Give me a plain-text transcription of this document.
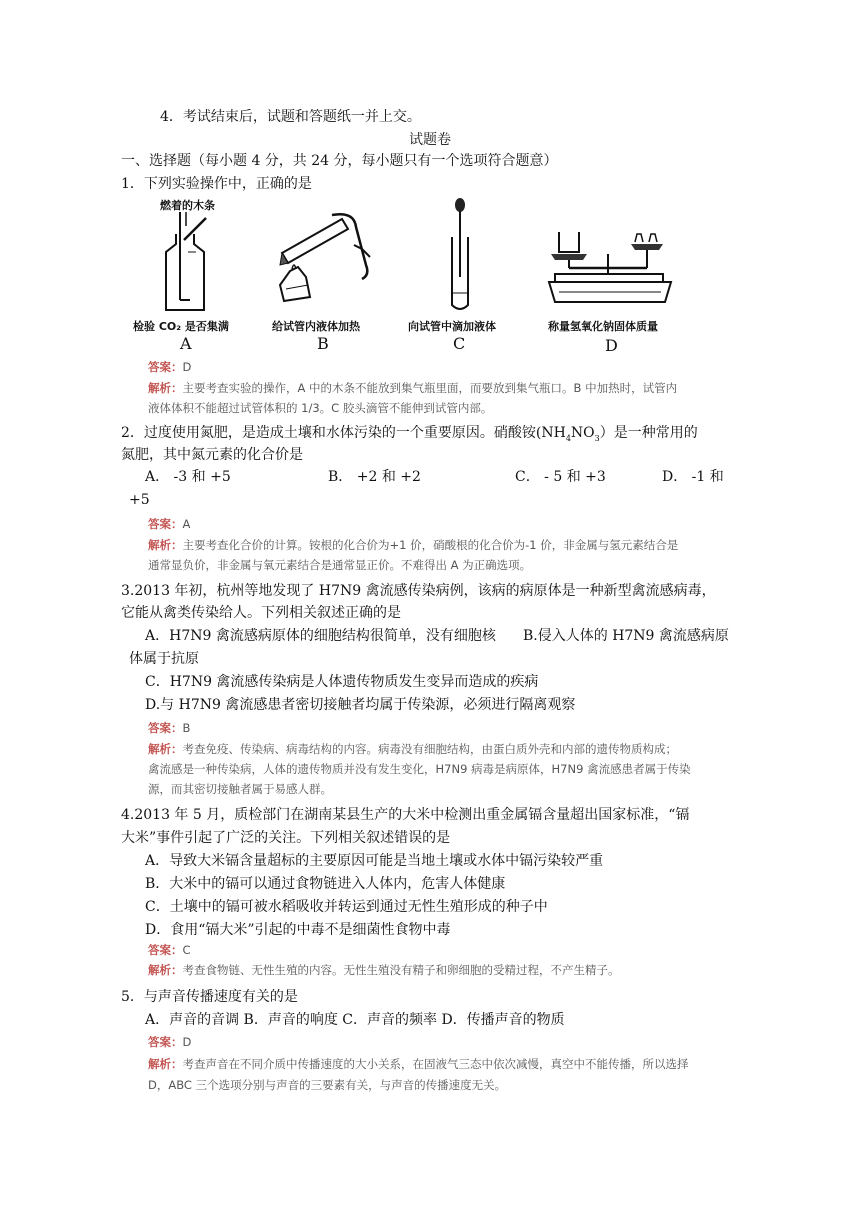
4．考试结束后，试题和答题纸一并上交。
试题卷
一、选择题（每小题 4 分，共 24 分，每小题只有一个选项符合题意）
1．下列实验操作中，正确的是
燃着的木条
检验 CO₂ 是否集满
A
给试管内液体加热
B
向试管中滴加液体
C
称量氢氧化钠固体质量
D
答案：D
解析：主要考查实验的操作，A 中的木条不能放到集气瓶里面，而要放到集气瓶口。B 中加热时，试管内
液体体积不能超过试管体积的 1/3。C 胶头滴管不能伸到试管内部。
2．过度使用氮肥，是造成土壤和水体污染的一个重要原因。硝酸铵$(NH_4NO_3)$是一种常用的
氮肥，其中氮元素的化合价是
A． -3 和 +5	B． +2 和 +2	C． - 5 和 +3	D． -1 和
+5
答案：A
解析：主要考查化合价的计算。铵根的化合价为+1 价，硝酸根的化合价为-1 价，非金属与氢元素结合是
通常显负价，非金属与氧元素结合是通常显正价。不难得出 A 为正确选项。
3.2013 年初，杭州等地发现了 H7N9 禽流感传染病例，该病的病原体是一种新型禽流感病毒，
它能从禽类传染给人。下列相关叙述正确的是
A．H7N9 禽流感病原体的细胞结构很简单，没有细胞核 B.侵入人体的 H7N9 禽流感病原
体属于抗原
C．H7N9 禽流感传染病是人体遗传物质发生变异而造成的疾病
D.与 H7N9 禽流感患者密切接触者均属于传染源，必须进行隔离观察
答案：B
解析：考查免疫、传染病、病毒结构的内容。病毒没有细胞结构，由蛋白质外壳和内部的遗传物质构成；
禽流感是一种传染病，人体的遗传物质并没有发生变化，H7N9 病毒是病原体，H7N9 禽流感患者属于传染
源，而其密切接触者属于易感人群。
4.2013 年 5 月，质检部门在湖南某县生产的大米中检测出重金属镉含量超出国家标准，“镉
大米”事件引起了广泛的关注。下列相关叙述错误的是
A．导致大米镉含量超标的主要原因可能是当地土壤或水体中镉污染较严重
B．大米中的镉可以通过食物链进入人体内，危害人体健康
C．土壤中的镉可被水稻吸收并转运到通过无性生殖形成的种子中
D．食用“镉大米”引起的中毒不是细菌性食物中毒
答案：C
解析：考查食物链、无性生殖的内容。无性生殖没有精子和卵细胞的受精过程，不产生精子。
5．与声音传播速度有关的是
A．声音的音调 B．声音的响度 C．声音的频率 D．传播声音的物质
答案：D
解析：考查声音在不同介质中传播速度的大小关系，在固液气三态中依次减慢，真空中不能传播，所以选择
D，ABC 三个选项分别与声音的三要素有关，与声音的传播速度无关。
